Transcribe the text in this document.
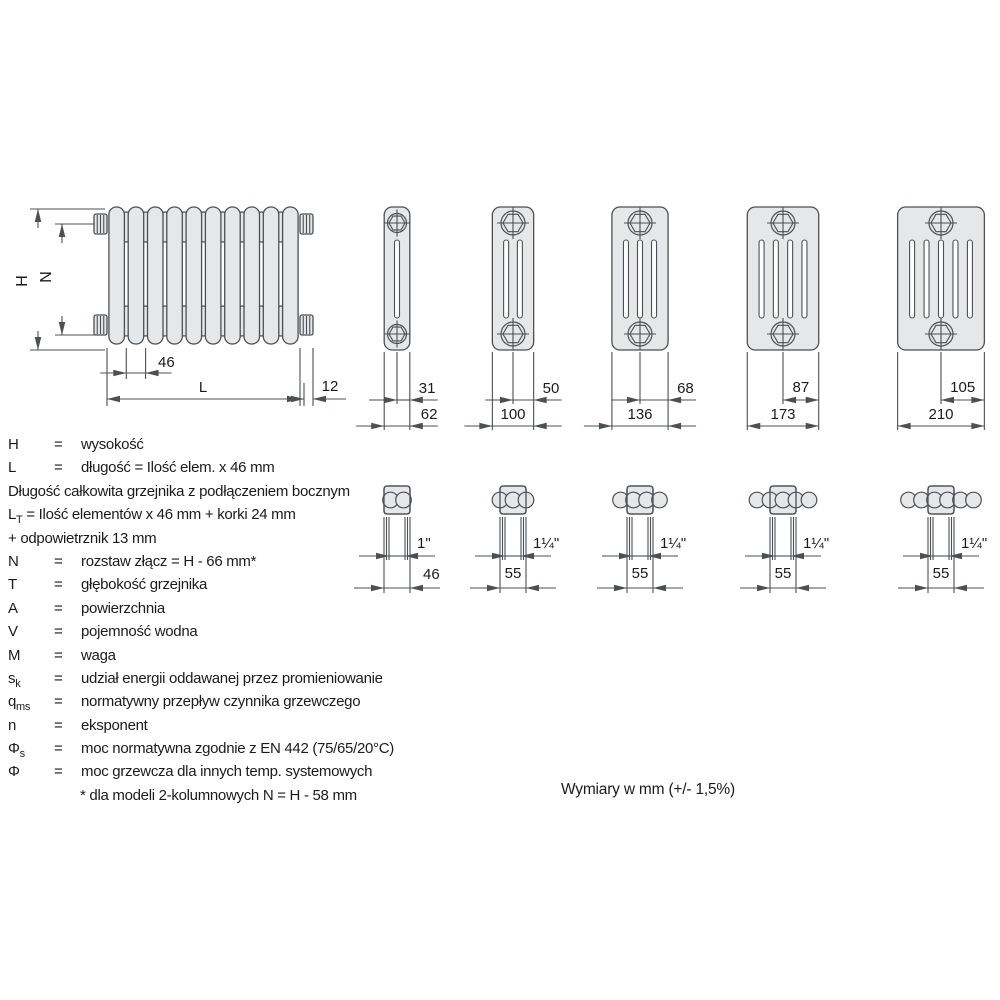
H N
46
L	12	31
62
50
100
68
136
87
173
105
210
1"
46
1¼"
55
1¼"
55
1¼"
55
1¼"
55
H = wysokość
L	= długość = Ilość elem. x 46 mm
Długość całkowita grzejnika z podłączeniem bocznym
$L_T$ = Ilość elementów x 46 mm + korki 24 mm
+ odpowietrznik 13 mm
N = rozstaw złącz = H - 66 mm*
T = głębokość grzejnika
A = powierzchnia
V = pojemność wodna
M = waga
$s_k$ = udział energii oddawanej przez promieniowanie
$q_{ms}$ = normatywny przepływ czynnika grzewczego
n	= eksponent
$\Phi_s$ = moc normatywna zgodnie z EN 442 (75/65/20°C)
Φ = moc grzewcza dla innych temp. systemowych
* dla modeli 2-kolumnowych N = H - 58 mm	Wymiary w mm (+/- 1,5%)
